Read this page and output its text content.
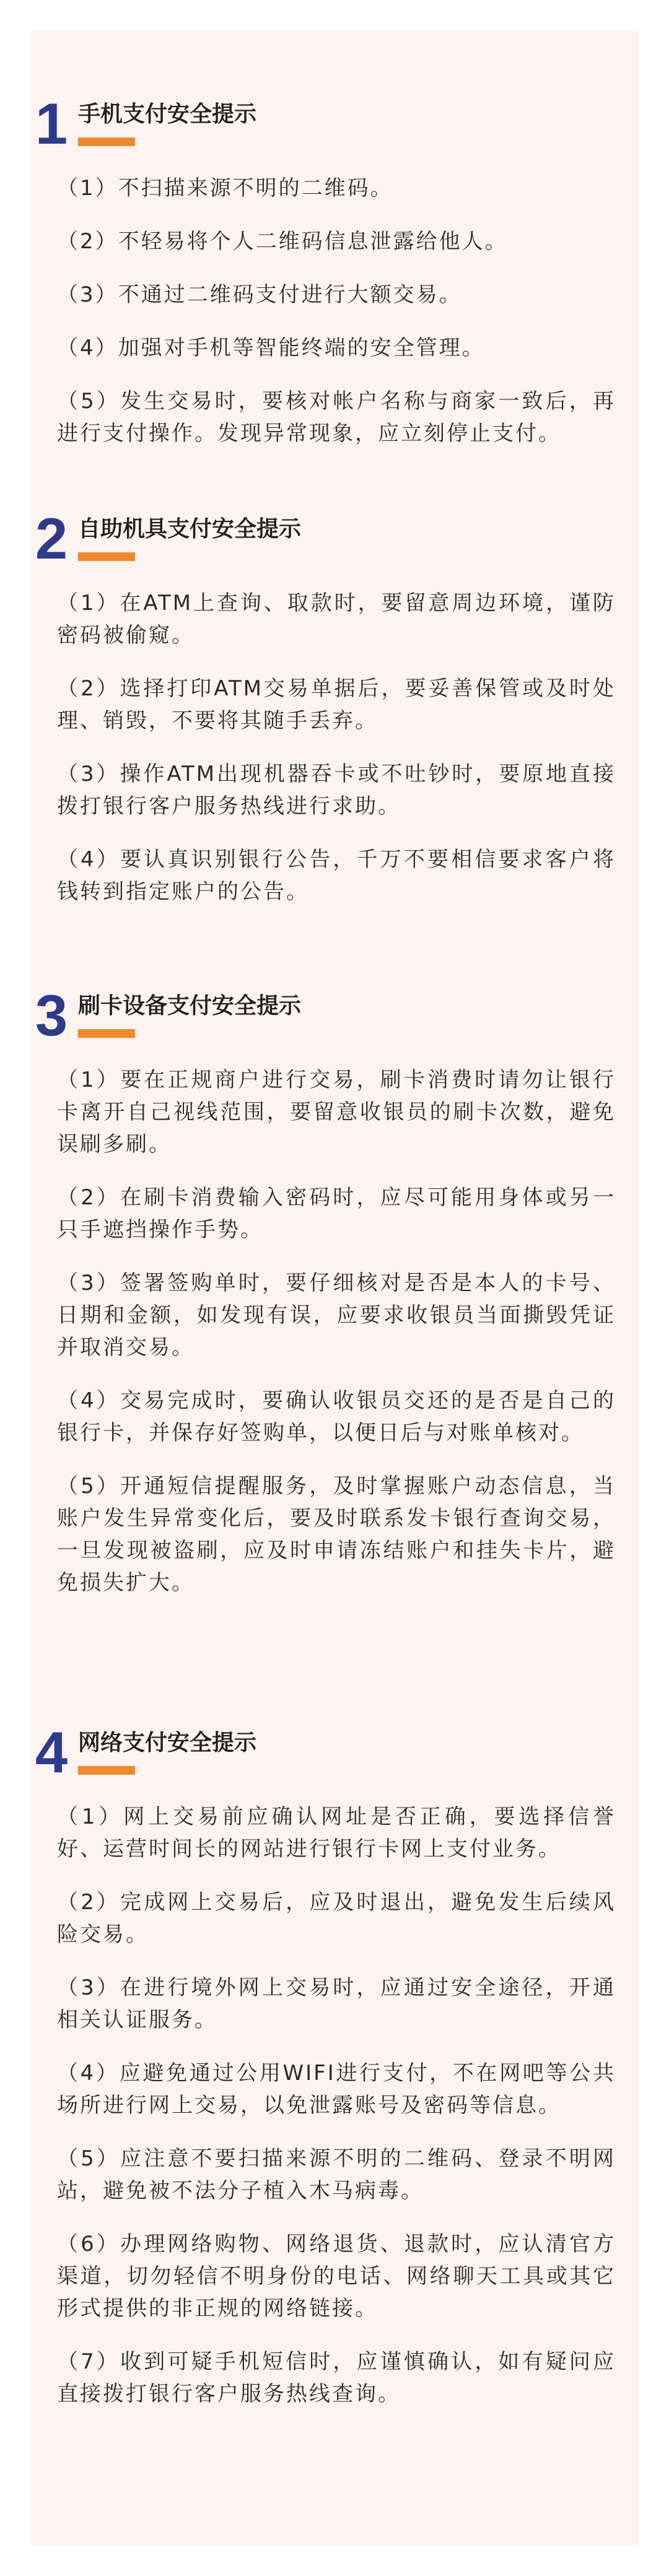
1 手机支付安全提示

（1）不扫描来源不明的二维码。

（2）不轻易将个人二维码信息泄露给他人。

（3）不通过二维码支付进行大额交易。

（4）加强对手机等智能终端的安全管理。

（5）发生交易时，要核对帐户名称与商家一致后，再进行支付操作。发现异常现象，应立刻停止支付。

2 自助机具支付安全提示

（1）在ATM上查询、取款时，要留意周边环境，谨防密码被偷窥。

（2）选择打印ATM交易单据后，要妥善保管或及时处理、销毁，不要将其随手丢弃。

（3）操作ATM出现机器吞卡或不吐钞时，要原地直接拨打银行客户服务热线进行求助。

（4）要认真识别银行公告，千万不要相信要求客户将钱转到指定账户的公告。

3 刷卡设备支付安全提示

（1）要在正规商户进行交易，刷卡消费时请勿让银行卡离开自己视线范围，要留意收银员的刷卡次数，避免误刷多刷。

（2）在刷卡消费输入密码时，应尽可能用身体或另一只手遮挡操作手势。

（3）签署签购单时，要仔细核对是否是本人的卡号、日期和金额，如发现有误，应要求收银员当面撕毁凭证并取消交易。

（4）交易完成时，要确认收银员交还的是否是自己的银行卡，并保存好签购单，以便日后与对账单核对。

（5）开通短信提醒服务，及时掌握账户动态信息，当账户发生异常变化后，要及时联系发卡银行查询交易，一旦发现被盗刷，应及时申请冻结账户和挂失卡片，避免损失扩大。

4 网络支付安全提示

（1）网上交易前应确认网址是否正确，要选择信誉好、运营时间长的网站进行银行卡网上支付业务。

（2）完成网上交易后，应及时退出，避免发生后续风险交易。

（3）在进行境外网上交易时，应通过安全途径，开通相关认证服务。

（4）应避免通过公用WIFI进行支付，不在网吧等公共场所进行网上交易，以免泄露账号及密码等信息。

（5）应注意不要扫描来源不明的二维码、登录不明网站，避免被不法分子植入木马病毒。

（6）办理网络购物、网络退货、退款时，应认清官方渠道，切勿轻信不明身份的电话、网络聊天工具或其它形式提供的非正规的网络链接。

（7）收到可疑手机短信时，应谨慎确认，如有疑问应直接拨打银行客户服务热线查询。
